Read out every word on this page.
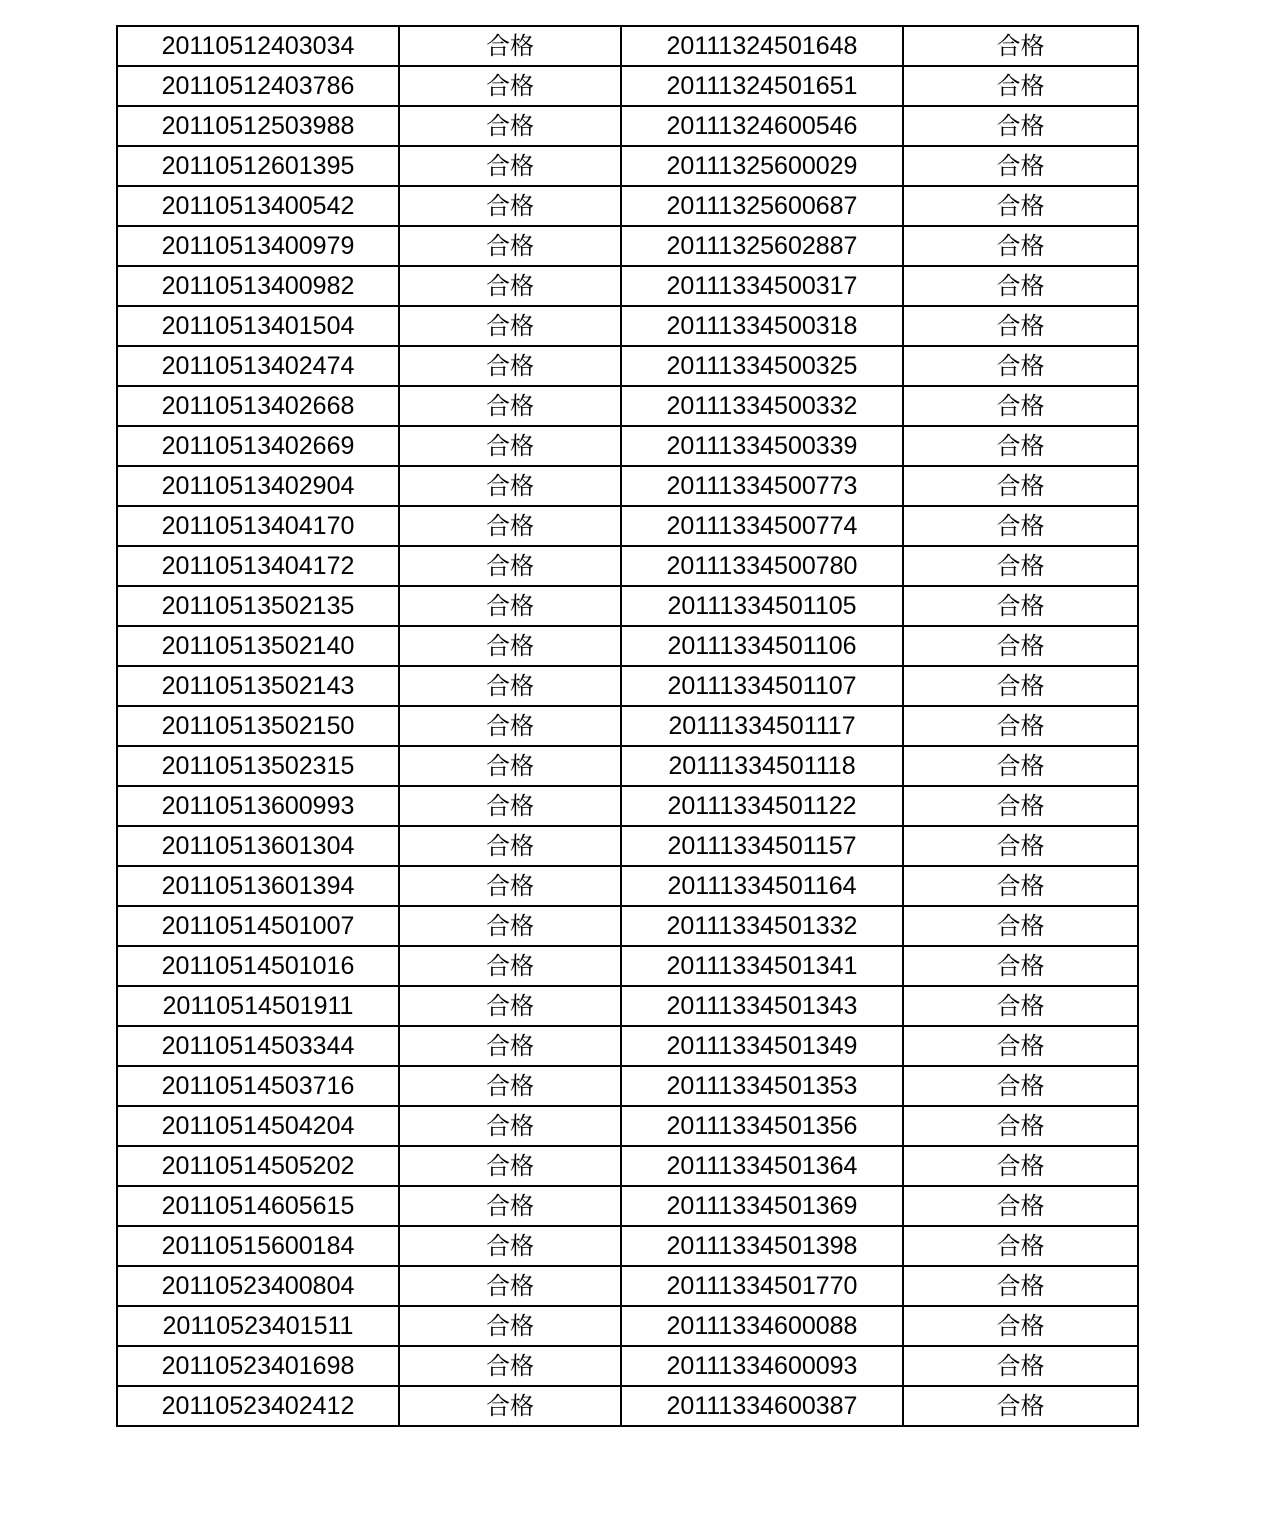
20110512403034	合格	20111324501648	合格
20110512403786	合格	20111324501651	合格
20110512503988	合格	20111324600546	合格
20110512601395	合格	20111325600029	合格
20110513400542	合格	20111325600687	合格
20110513400979	合格	20111325602887	合格
20110513400982	合格	20111334500317	合格
20110513401504	合格	20111334500318	合格
20110513402474	合格	20111334500325	合格
20110513402668	合格	20111334500332	合格
20110513402669	合格	20111334500339	合格
20110513402904	合格	20111334500773	合格
20110513404170	合格	20111334500774	合格
20110513404172	合格	20111334500780	合格
20110513502135	合格	20111334501105	合格
20110513502140	合格	20111334501106	合格
20110513502143	合格	20111334501107	合格
20110513502150	合格	20111334501117	合格
20110513502315	合格	20111334501118	合格
20110513600993	合格	20111334501122	合格
20110513601304	合格	20111334501157	合格
20110513601394	合格	20111334501164	合格
20110514501007	合格	20111334501332	合格
20110514501016	合格	20111334501341	合格
20110514501911	合格	20111334501343	合格
20110514503344	合格	20111334501349	合格
20110514503716	合格	20111334501353	合格
20110514504204	合格	20111334501356	合格
20110514505202	合格	20111334501364	合格
20110514605615	合格	20111334501369	合格
20110515600184	合格	20111334501398	合格
20110523400804	合格	20111334501770	合格
20110523401511	合格	20111334600088	合格
20110523401698	合格	20111334600093	合格
20110523402412	合格	20111334600387	合格
